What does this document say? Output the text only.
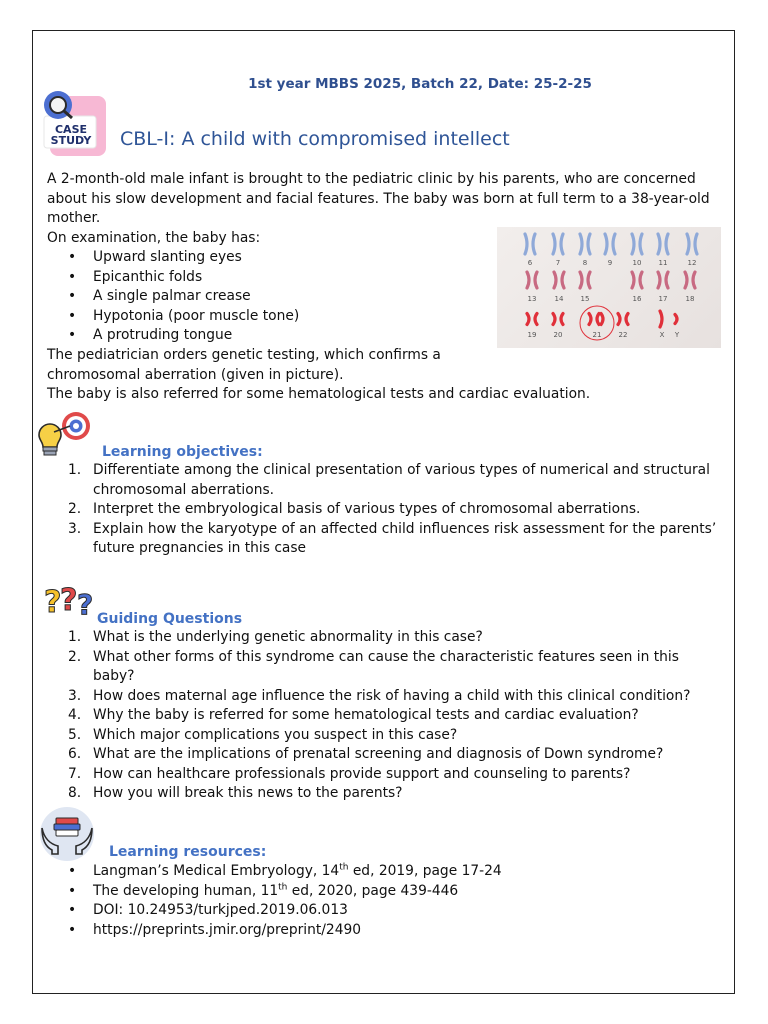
1st year MBBS 2025, Batch 22, Date: 25-2-25
CASE
STUDY CBL-I: A child with compromised intellect
A 2-month-old male infant is brought to the pediatric clinic by his parents, who are concerned
about his slow development and facial features. The baby was born at full term to a 38-year-old
mother.
On examination, the baby has:
• Upward slanting eyes
• Epicanthic folds
• A single palmar crease
• Hypotonia (poor muscle tone)
• A protruding tongue
6	7	8	9	10 11	12
13	14 15	16 17	18
19 20	21 22	X Y
The pediatrician orders genetic testing, which confirms a
chromosomal aberration (given in picture).
The baby is also referred for some hematological tests and cardiac evaluation.
Learning objectives:
1. Differentiate among the clinical presentation of various types of numerical and structural chromosomal aberrations.
2. Interpret the embryological basis of various types of chromosomal aberrations.
3. Explain how the karyotype of an affected child influences risk assessment for the parents’ future pregnancies in this case
?
? ? Guiding Questions
1. What is the underlying genetic abnormality in this case?
2. What other forms of this syndrome can cause the characteristic features seen in this baby?
3. How does maternal age influence the risk of having a child with this clinical condition?
4. Why the baby is referred for some hematological tests and cardiac evaluation?
5. Which major complications you suspect in this case?
6. What are the implications of prenatal screening and diagnosis of Down syndrome?
7. How can healthcare professionals provide support and counseling to parents?
8. How you will break this news to the parents?
Learning resources:
• Langman’s Medical Embryology, 14th ed, 2019, page 17-24
• The developing human, 11th ed, 2020, page 439-446
• DOI: 10.24953/turkjped.2019.06.013
• https://preprints.jmir.org/preprint/2490
